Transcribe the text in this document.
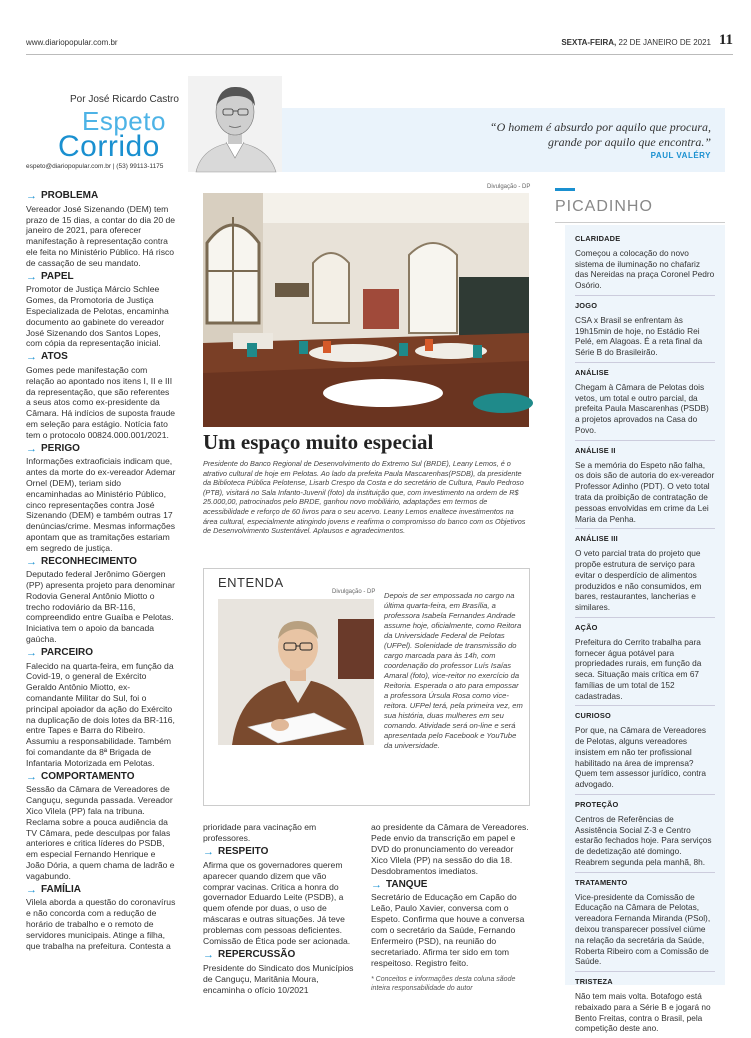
www.diariopopular.com.br	SEXTA-FEIRA, 22 DE JANEIRO DE 2021 11
Por José Ricardo Castro
Espeto
Corrido
espeto@diariopopular.com.br | (53) 99113-1175
“O homem é absurdo por aquilo que procura,
grande por aquilo que encontra.”
PAUL VALÉRY
→ PROBLEMA

Vereador José Sizenando (DEM) tem prazo de 15 dias, a contar do dia 20 de janeiro de 2021, para oferecer manifestação à representação contra ele feita no Ministério Público. Há risco de cassação de seu mandato.

→ PAPEL

Promotor de Justiça Márcio Schlee Gomes, da Promotoria de Justiça Especializada de Pelotas, encaminha documento ao gabinete do vereador José Sizenando dos Santos Lopes, com cópia da representação inicial.

→ ATOS

Gomes pede manifestação com relação ao apontado nos itens I, II e III da representação, que são referentes a seus atos como ex-presidente da Câmara. Há indícios de suposta fraude em seleção para estágio. Notícia fato tem o protocolo 00824.000.001/2021.

→ PERIGO

Informações extraoficiais indicam que, antes da morte do ex-vereador Ademar Ornel (DEM), teriam sido encaminhadas ao Ministério Público, cinco representações contra José Sizenando (DEM) e também outras 17 denúncias/crime. Mesmas informações apontam que as tramitações estariam em segredo de justiça.

→ RECONHECIMENTO

Deputado federal Jerônimo Göergen (PP) apresenta projeto para denominar Rodovia General Antônio Miotto o trecho rodoviário da BR-116, compreendido entre Guaíba e Pelotas. Iniciativa tem o apoio da bancada gaúcha.

→ PARCEIRO

Falecido na quarta-feira, em função da Covid-19, o general de Exército Geraldo Antônio Miotto, ex-comandante Militar do Sul, foi o principal apoiador da ação do Exército na duplicação de dois lotes da BR-116, entre Tapes e Barra do Ribeiro. Assumiu a responsabilidade. Também foi comandante da 8ª Brigada de Infantaria Motorizada em Pelotas.

→ COMPORTAMENTO

Sessão da Câmara de Vereadores de Canguçu, segunda passada. Vereador Xico Vilela (PP) fala na tribuna. Reclama sobre a pouca audiência da TV Câmara, pede desculpas por falas anteriores e critica líderes do PSDB, em especial Fernando Henrique e João Dória, a quem chama de ladrão e vagabundo.

→ FAMÍLIA

Vilela aborda a questão do coronavírus e não concorda com a redução de horário de trabalho e o remoto de servidores municipais. Atinge a filha, que trabalha na prefeitura. Contesta a

Divulgação - DP
Um espaço muito especial
Presidente do Banco Regional de Desenvolvimento do Extremo Sul (BRDE), Leany Lemos, é o atrativo cultural de hoje em Pelotas. Ao lado da prefeita Paula Mascarenhas(PSDB), da presidente da Biblioteca Pública Pelotense, Lisarb Crespo da Costa e do secretário de Cultura, Paulo Pedroso (PTB), visitará no Sala Infanto-Juvenil (foto) da instituição que, com investimento na ordem de R$ 25.000,00, patrocinados pelo BRDE, ganhou novo mobiliário, adaptações em termos de acessibilidade e reforço de 60 livros para o seu acervo. Leany Lemos enaltece investimentos na área cultural, especialmente atingindo jovens e reafirma o compromisso do banco com os Objetivos de Desenvolvimento Sustentável. Aplausos e agradecimentos.
ENTENDA
Divulgação - DP Depois de ser empossada no cargo na última quarta-feira, em Brasília, a professora Isabela Fernandes Andrade assume hoje, oficialmente, como Reitora da Universidade Federal de Pelotas (UFPel). Solenidade de transmissão do cargo marcada para às 14h, com coordenação do professor Luís Isaías Amaral (foto), vice-reitor no exercício da Reitoria. Esperada o ato para empossar a professora Úrsula Rosa como vice-reitora. UFPel terá, pela primeira vez, em sua história, duas mulheres em seu comando. Atividade será on-line e será apresentada pelo Facebook e YouTube da universidade.

prioridade para vacinação em professores.

→ RESPEITO

Afirma que os governadores querem aparecer quando dizem que vão comprar vacinas. Critica a honra do governador Eduardo Leite (PSDB), a quem ofende por duas, o uso de máscaras e outras situações. Já teve problemas com pessoas deficientes. Comissão de Ética pode ser acionada.

→ REPERCUSSÃO

Presidente do Sindicato dos Municípios de Canguçu, Maritânia Moura, encaminha o ofício 10/2021

ao presidente da Câmara de Vereadores. Pede envio da transcrição em papel e DVD do pronunciamento do vereador Xico Vilela (PP) na sessão do dia 18. Desdobramentos imediatos.

→ TANQUE

Secretário de Educação em Capão do Leão, Paulo Xavier, conversa com o Espeto. Confirma que houve a conversa com o secretário da Saúde, Fernando Enfermeiro (PSD), na reunião do secretariado. Afirma ter sido em tom respeitoso. Registro feito.

* Conceitos e informações desta coluna sãode inteira responsabilidade do autor
PICADINHO
CLARIDADE
Começou a colocação do novo sistema de iluminação no chafariz das Nereidas na praça Coronel Pedro Osório.
JOGO
CSA x Brasil se enfrentam às 19h15min de hoje, no Estádio Rei Pelé, em Alagoas. É a reta final da Série B do Brasileirão.
ANÁLISE
Chegam à Câmara de Pelotas dois vetos, um total e outro parcial, da prefeita Paula Mascarenhas (PSDB) a projetos aprovados na Casa do Povo.
ANÁLISE II
Se a memória do Espeto não falha, os dois são de autoria do ex-vereador Professor Adinho (PDT). O veto total trata da proibição de contratação de pessoas envolvidas em crime da Lei Maria da Penha.
ANÁLISE III
O veto parcial trata do projeto que propõe estrutura de serviço para evitar o desperdício de alimentos produzidos e não consumidos, em bares, restaurantes, lancherias e similares.
AÇÃO
Prefeitura do Cerrito trabalha para fornecer água potável para propriedades rurais, em função da seca. Situação mais crítica em 67 famílias de um total de 152 cadastradas.
CURIOSO
Por que, na Câmara de Vereadores de Pelotas, alguns vereadores insistem em não ter profissional habilitado na área de imprensa? Quem tem assessor jurídico, contra advogado.
PROTEÇÃO
Centros de Referências de Assistência Social Z-3 e Centro estarão fechados hoje. Para serviços de dedetização até domingo. Reabrem segunda pela manhã, 8h.
TRATAMENTO
Vice-presidente da Comissão de Educação na Câmara de Pelotas, vereadora Fernanda Miranda (PSol), deixou transparecer possível ciúme na relação da secretária da Saúde, Roberta Ribeiro com a Comissão de Saúde.
TRISTEZA
Não tem mais volta. Botafogo está rebaixado para a Série B e jogará no Bento Freitas, contra o Brasil, pela competição deste ano.
